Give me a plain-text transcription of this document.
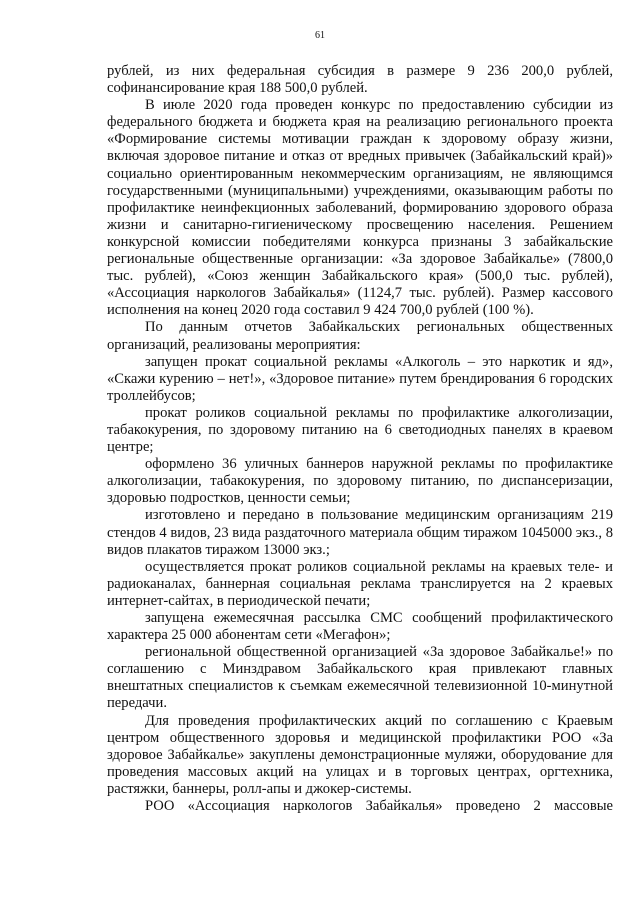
61

рублей, из них федеральная субсидия в размере 9 236 200,0 рублей, софинансирование края 188 500,0 рублей.

В июле 2020 года проведен конкурс по предоставлению субсидии из федерального бюджета и бюджета края на реализацию регионального проекта «Формирование системы мотивации граждан к здоровому образу жизни, включая здоровое питание и отказ от вредных привычек (Забайкальский край)» социально ориентированным некоммерческим организациям, не являющимся государственными (муниципальными) учреждениями, оказывающим работы по профилактике неинфекционных заболеваний, формированию здорового образа жизни и санитарно-гигиеническому просвещению населения. Решением конкурсной комиссии победителями конкурса признаны 3 забайкальские региональные общественные организации: «За здоровое Забайкалье» (7800,0 тыс. рублей), «Союз женщин Забайкальского края» (500,0 тыс. рублей), «Ассоциация наркологов Забайкалья» (1124,7 тыс. рублей). Размер кассового исполнения на конец 2020 года составил 9 424 700,0 рублей (100 %).

По данным отчетов Забайкальских региональных общественных организаций, реализованы мероприятия:

запущен прокат социальной рекламы «Алкоголь – это наркотик и яд», «Скажи курению – нет!», «Здоровое питание» путем брендирования 6 городских троллейбусов;

прокат роликов социальной рекламы по профилактике алкоголизации, табакокурения, по здоровому питанию на 6 светодиодных панелях в краевом центре;

оформлено 36 уличных баннеров наружной рекламы по профилактике алкоголизации, табакокурения, по здоровому питанию, по диспансеризации, здоровью подростков, ценности семьи;

изготовлено и передано в пользование медицинским организациям 219 стендов 4 видов, 23 вида раздаточного материала общим тиражом 1045000 экз., 8 видов плакатов тиражом 13000 экз.;

осуществляется прокат роликов социальной рекламы на краевых теле- и радиоканалах, баннерная социальная реклама транслируется на 2 краевых интернет-сайтах, в периодической печати;

запущена ежемесячная рассылка СМС сообщений профилактического характера 25 000 абонентам сети «Мегафон»;

региональной общественной организацией «За здоровое Забайкалье!» по соглашению с Минздравом Забайкальского края привлекают главных внештатных специалистов к съемкам ежемесячной телевизионной 10-минутной передачи.

Для проведения профилактических акций по соглашению с Краевым центром общественного здоровья и медицинской профилактики РОО «За здоровое Забайкалье» закуплены демонстрационные муляжи, оборудование для проведения массовых акций на улицах и в торговых центрах, оргтехника, растяжки, баннеры, ролл-апы и джокер-системы.

РОО «Ассоциация наркологов Забайкалья» проведено 2 массовые
